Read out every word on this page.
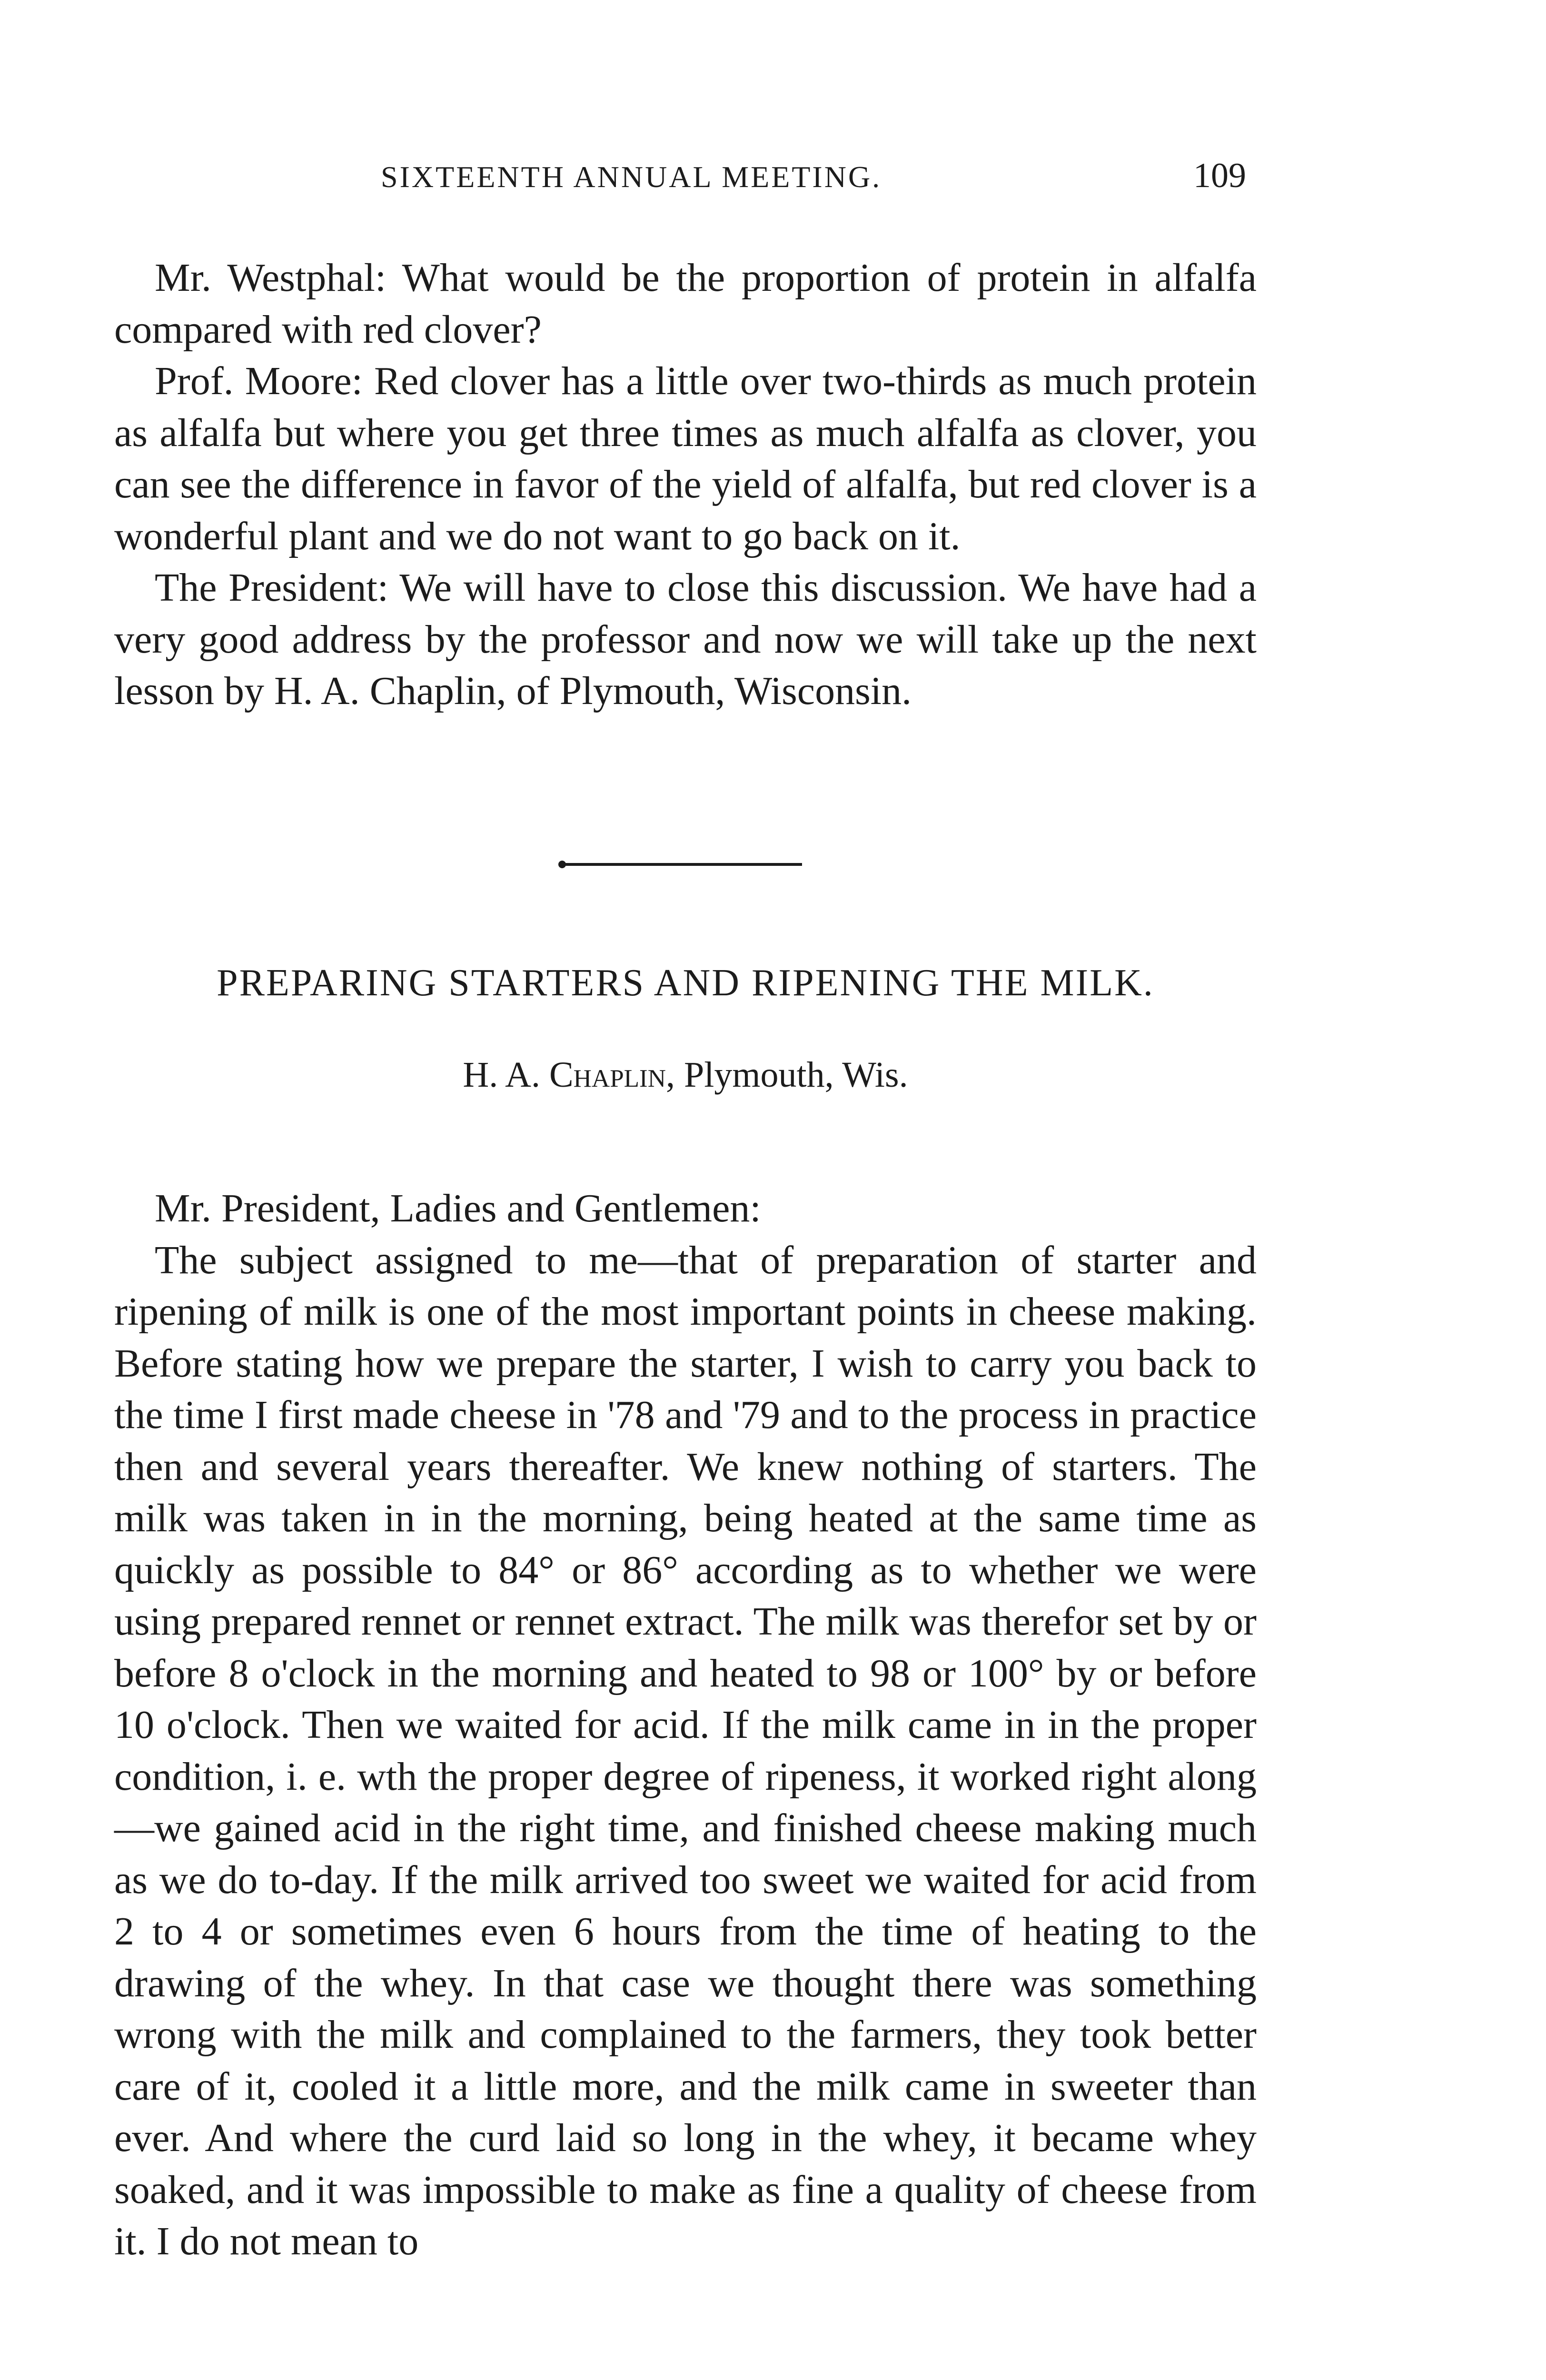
SIXTEENTH ANNUAL MEETING.	109

Mr. Westphal: What would be the proportion of protein in alfalfa compared with red clover?

Prof. Moore: Red clover has a little over two-thirds as much protein as alfalfa but where you get three times as much alfalfa as clover, you can see the difference in favor of the yield of alfalfa, but red clover is a wonderful plant and we do not want to go back on it.

The President: We will have to close this discussion. We have had a very good address by the professor and now we will take up the next lesson by H. A. Chaplin, of Plymouth, Wisconsin.

PREPARING STARTERS AND RIPENING THE MILK.
H. A. Chaplin, Plymouth, Wis.

Mr. President, Ladies and Gentlemen:

The subject assigned to me—that of preparation of starter and ripening of milk is one of the most important points in cheese making. Before stating how we prepare the starter, I wish to carry you back to the time I first made cheese in '78 and '79 and to the process in practice then and several years thereafter. We knew nothing of starters. The milk was taken in in the morning, being heated at the same time as quickly as possible to 84° or 86° according as to whether we were using prepared rennet or rennet extract. The milk was therefor set by or before 8 o'clock in the morning and heated to 98 or 100° by or before 10 o'clock. Then we waited for acid. If the milk came in in the proper condition, i. e. wth the proper degree of ripeness, it worked right along—we gained acid in the right time, and finished cheese making much as we do to-day. If the milk arrived too sweet we waited for acid from 2 to 4 or sometimes even 6 hours from the time of heating to the drawing of the whey. In that case we thought there was something wrong with the milk and complained to the farmers, they took better care of it, cooled it a little more, and the milk came in sweeter than ever. And where the curd laid so long in the whey, it became whey soaked, and it was impossible to make as fine a quality of cheese from it. I do not mean to
